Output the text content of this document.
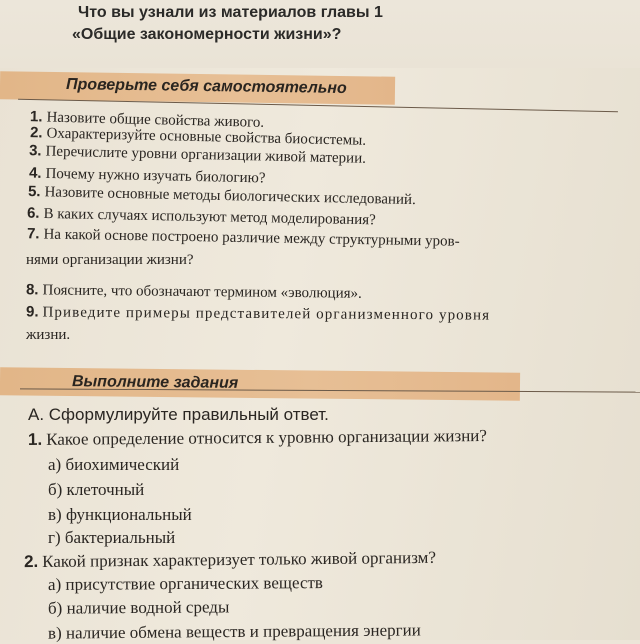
Что вы узнали из материалов главы 1
«Общие закономерности жизни»?
Проверьте себя самостоятельно
1. Назовите общие свойства живого.
2. Охарактеризуйте основные свойства биосистемы.
3. Перечислите уровни организации живой материи.
4. Почему нужно изучать биологию?
5. Назовите основные методы биологических исследований.
6. В каких случаях используют метод моделирования?
7. На какой основе построено различие между структурными уров-
нями организации жизни?
8. Поясните, что обозначают термином «эволюция».
9. Приведите примеры представителей организменного уровня
жизни.
Выполните задания
А. Сформулируйте правильный ответ.
1. Какое определение относится к уровню организации жизни?
а) биохимический
б) клеточный
в) функциональный
г) бактериальный
2. Какой признак характеризует только живой организм?
а) присутствие органических веществ
б) наличие водной среды
в) наличие обмена веществ и превращения энергии
